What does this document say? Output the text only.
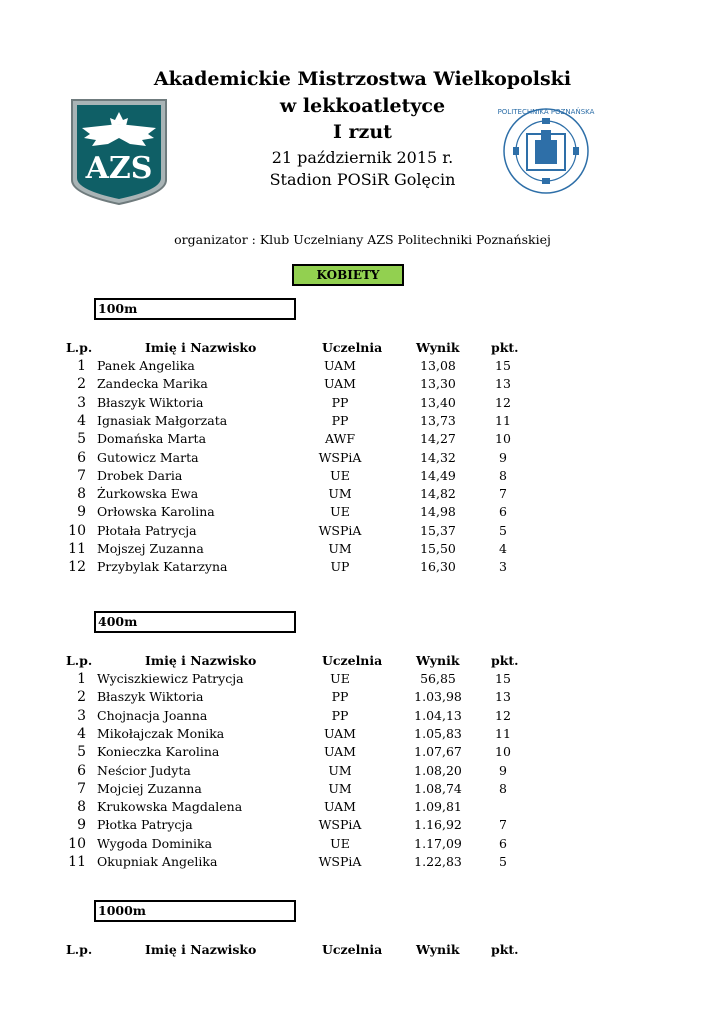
AZS
POLITECHNIKA POZNAŃSKA
Akademickie Mistrzostwa Wielkopolski
w lekkoatletyce
I rzut
21 październik 2015 r.
Stadion POSiR Golęcin
organizator : Klub Uczelniany AZS Politechniki Poznańskiej
KOBIETY
100m
L.p.	Imię i Nazwisko	Uczelnia	Wynik	pkt.
1 Panek Angelika	UAM	13,08	15
2 Zandecka Marika	UAM	13,30	13
3 Błaszyk Wiktoria	PP	13,40	12
4 Ignasiak Małgorzata	PP	13,73	11
5 Domańska Marta	AWF	14,27	10
6 Gutowicz Marta	WSPiA	14,32	9
7 Drobek Daria	UE	14,49	8
8 Żurkowska Ewa	UM	14,82	7
9 Orłowska Karolina	UE	14,98	6
10 Płotała Patrycja	WSPiA	15,37	5
11 Mojszej Zuzanna	UM	15,50	4
12 Przybylak Katarzyna	UP	16,30	3
400m
L.p.	Imię i Nazwisko	Uczelnia	Wynik	pkt.
1 Wyciszkiewicz Patrycja	UE	56,85	15
2 Błaszyk Wiktoria	PP	1.03,98	13
3 Chojnacja Joanna	PP	1.04,13	12
4 Mikołajczak Monika	UAM	1.05,83	11
5 Konieczka Karolina	UAM	1.07,67	10
6 Neścior Judyta	UM	1.08,20	9
7 Mojciej Zuzanna	UM	1.08,74	8
8 Krukowska Magdalena	UAM	1.09,81
9 Płotka Patrycja	WSPiA	1.16,92	7
10 Wygoda Dominika	UE	1.17,09	6
11 Okupniak Angelika	WSPiA	1.22,83	5
1000m
L.p.	Imię i Nazwisko	Uczelnia	Wynik	pkt.
